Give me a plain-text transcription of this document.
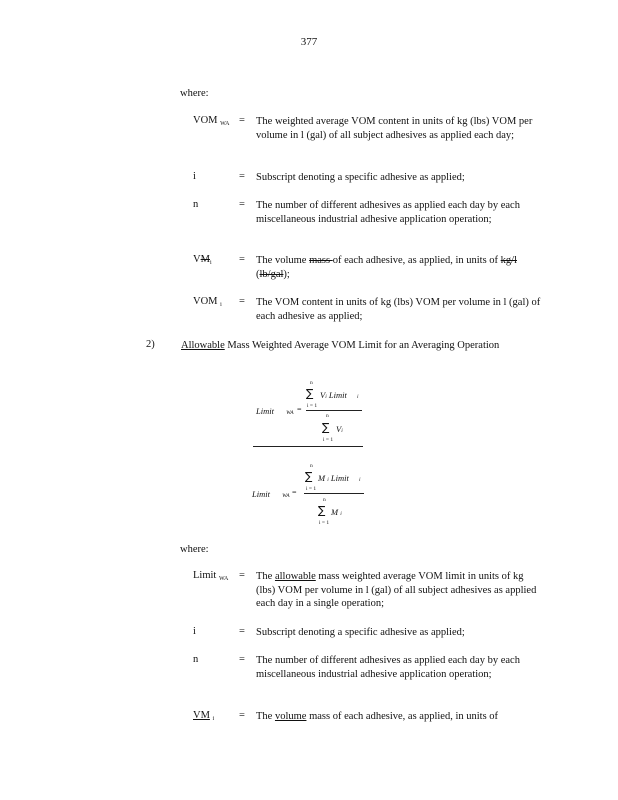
377
where:
VOM $_{WA}$ = The weighted average VOM content in units of kg (lbs) VOM per volume in l (gal) of all subject adhesives as applied each day;
i	= Subscript denoting a specific adhesive as applied;
n	= The number of different adhesives as applied each day by each miscellaneous industrial adhesive application operation;
$VM_i$	= The volume mass of each adhesive, as applied, in units of kg/l (lb/gal);
VOM $_i$ = The VOM content in units of kg (lbs) VOM per volume in l (gal) of each adhesive as applied;
2)	Allowable Mass Weighted Average VOM Limit for an Averaging Operation
Limit WA =
n
∑
i = 1
Vi Limit i
n
∑
i = 1
Vi
Limit WA =
n
∑
i = 1
M i Limit i
n
∑
i = 1
M i
where:
Limit $_{WA}$ = The allowable mass weighted average VOM limit in units of kg (lbs) VOM per volume in l (gal) of all subject adhesives as applied each day in a single operation;
i	= Subscript denoting a specific adhesive as applied;
n	= The number of different adhesives as applied each day by each miscellaneous industrial adhesive application operation;
VM $_i$ = The volume mass of each adhesive, as applied, in units of
